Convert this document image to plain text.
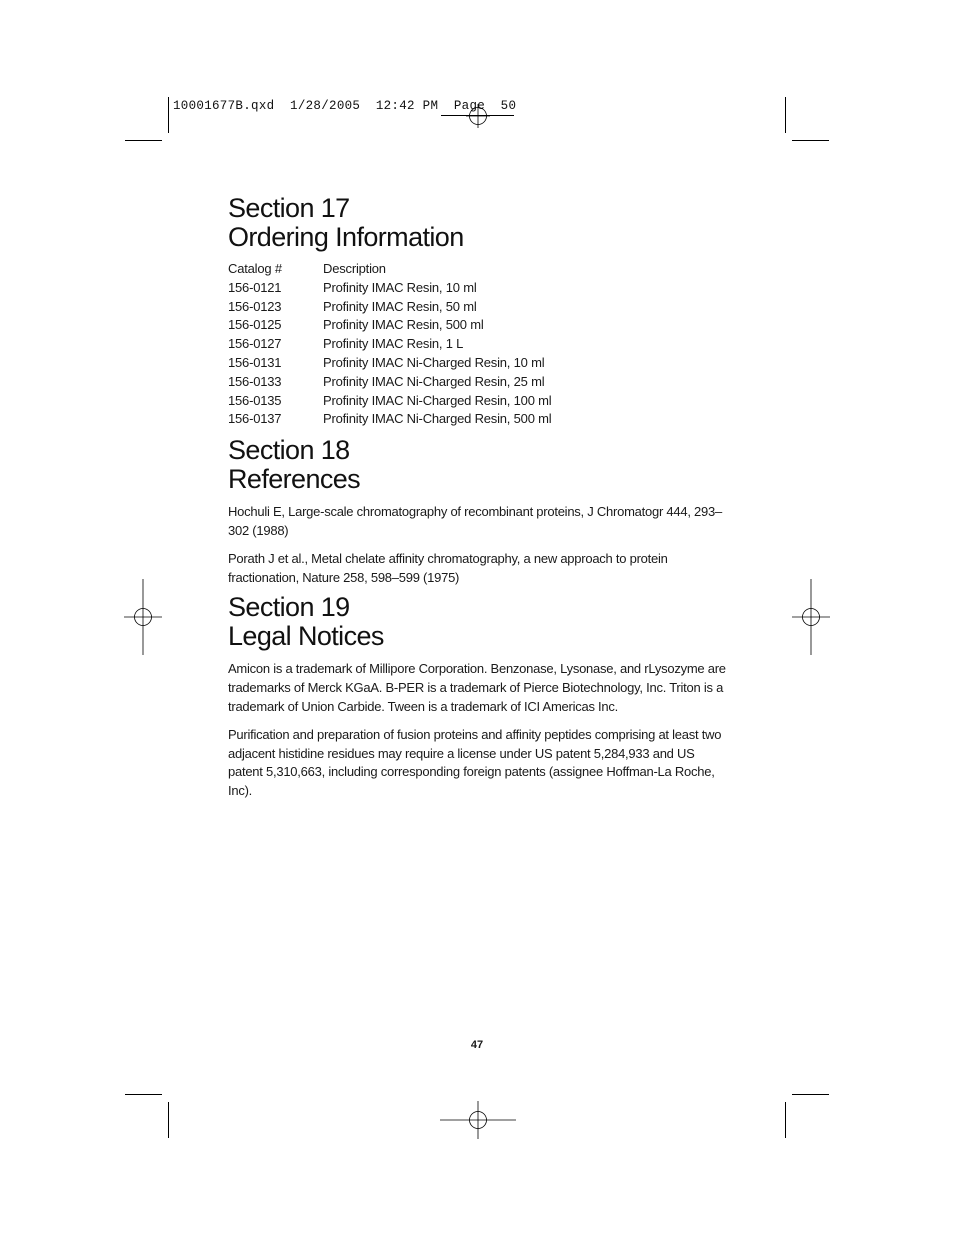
10001677B.qxd  1/28/2005  12:42 PM  Page  50
Section 17
Ordering Information
Catalog #	Description
156-0121	Profinity IMAC Resin, 10 ml
156-0123	Profinity IMAC Resin, 50 ml
156-0125	Profinity IMAC Resin, 500 ml
156-0127	Profinity IMAC Resin, 1 L
156-0131	Profinity IMAC Ni-Charged Resin, 10 ml
156-0133	Profinity IMAC Ni-Charged Resin, 25 ml
156-0135	Profinity IMAC Ni-Charged Resin, 100 ml
156-0137	Profinity IMAC Ni-Charged Resin, 500 ml
Section 18
References

Hochuli E, Large-scale chromatography of recombinant proteins, J Chromatogr 444, 293–302 (1988)

Porath J et al., Metal chelate affinity chromatography, a new approach to protein fractionation, Nature 258, 598–599 (1975)

Section 19
Legal Notices

Amicon is a trademark of Millipore Corporation. Benzonase, Lysonase, and rLysozyme are trademarks of Merck KGaA. B-PER is a trademark of Pierce Biotechnology, Inc. Triton is a trademark of Union Carbide. Tween is a trademark of ICI Americas Inc.

Purification and preparation of fusion proteins and affinity peptides comprising at least two adjacent histidine residues may require a license under US patent 5,284,933 and US patent 5,310,663, including corresponding foreign patents (assignee Hoffman-La Roche, Inc).

47
